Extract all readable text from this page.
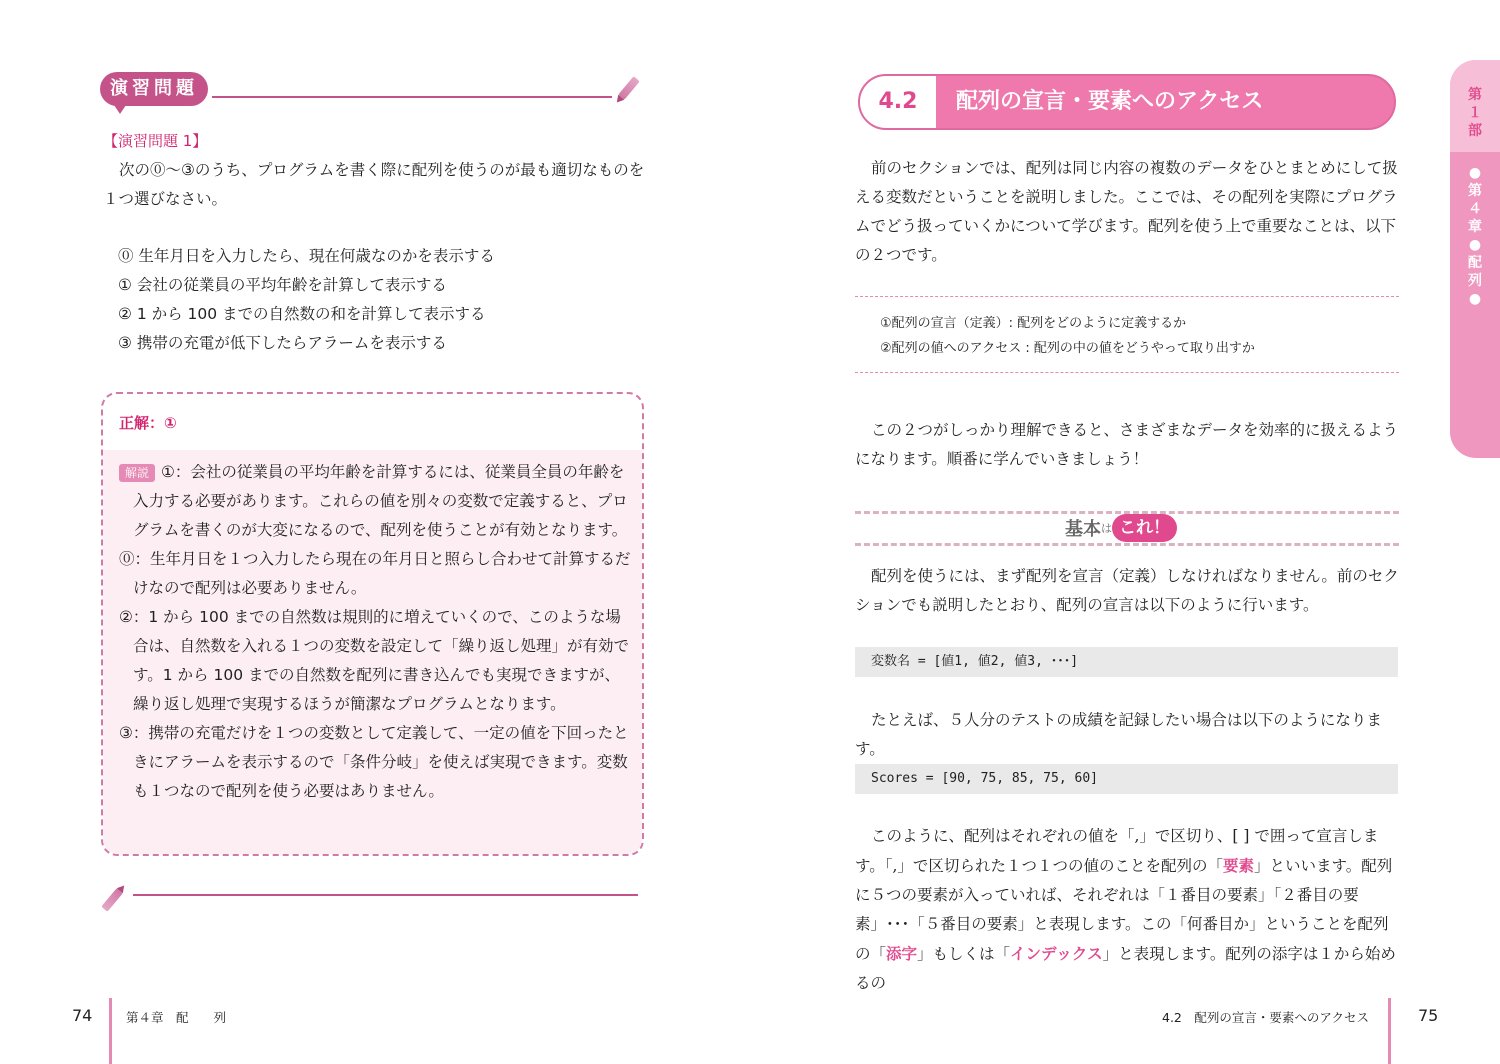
演習問題
【演習問題 1】

次の⓪～③のうち、プログラムを書く際に配列を使うのが最も適切なものを１つ選びなさい。

⓪ 生年月日を入力したら、現在何歳なのかを表示する
① 会社の従業員の平均年齢を計算して表示する
② 1 から 100 までの自然数の和を計算して表示する
③ 携帯の充電が低下したらアラームを表示する
正解：①
解説 ①：会社の従業員の平均年齢を計算するには、従業員全員の年齢を入力する必要があります。これらの値を別々の変数で定義すると、プログラムを書くのが大変になるので、配列を使うことが有効となります。
⓪：生年月日を１つ入力したら現在の年月日と照らし合わせて計算するだけなので配列は必要ありません。
②：1 から 100 までの自然数は規則的に増えていくので、このような場合は、自然数を入れる１つの変数を設定して「繰り返し処理」が有効です。1 から 100 までの自然数を配列に書き込んでも実現できますが、繰り返し処理で実現するほうが簡潔なプログラムとなります。
③：携帯の充電だけを１つの変数として定義して、一定の値を下回ったときにアラームを表示するので「条件分岐」を使えば実現できます。変数も１つなので配列を使う必要はありません。
74	第４章　配　　列
4.2	配列の宣言・要素へのアクセス

前のセクションでは、配列は同じ内容の複数のデータをひとまとめにして扱える変数だということを説明しました。ここでは、その配列を実際にプログラムでどう扱っていくかについて学びます。配列を使う上で重要なことは、以下の２つです。

①配列の宣言（定義）: 配列をどのように定義するか
②配列の値へのアクセス : 配列の中の値をどうやって取り出すか

この２つがしっかり理解できると、さまざまなデータを効率的に扱えるようになります。順番に学んでいきましょう！

基本は これ！

配列を使うには、まず配列を宣言（定義）しなければなりません。前のセクションでも説明したとおり、配列の宣言は以下のように行います。

変数名 = [値1, 値2, 値3, ･･･]

たとえば、５人分のテストの成績を記録したい場合は以下のようになります。

Scores = [90, 75, 85, 75, 60]

このように、配列はそれぞれの値を「,」で区切り、[ ] で囲って宣言します。「,」で区切られた１つ１つの値のことを配列の「要素」といいます。配列に５つの要素が入っていれば、それぞれは「１番目の要素」「２番目の要素」･･･「５番目の要素」と表現します。この「何番目か」ということを配列の「添字」もしくは「インデックス」と表現します。配列の添字は１から始めるの

第１部
●第４章●配列●
4.2　配列の宣言・要素へのアクセス	75
